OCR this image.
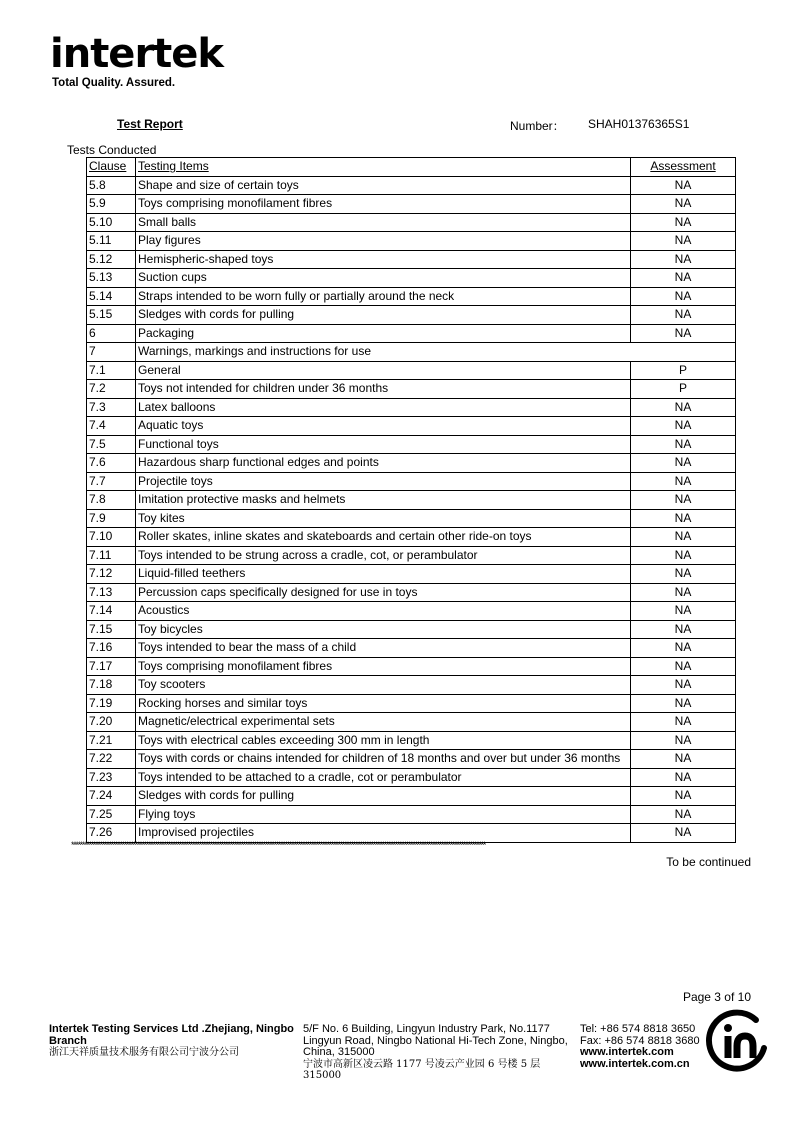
intertek
Total Quality. Assured.
Test Report	Number： SHAH01376365S1
Tests Conducted
Clause	Testing Items	Assessment
5.8	Shape and size of certain toys	NA
5.9	Toys comprising monofilament fibres	NA
5.10	Small balls	NA
5.11	Play figures	NA
5.12	Hemispheric-shaped toys	NA
5.13	Suction cups	NA
5.14	Straps intended to be worn fully or partially around the neck	NA
5.15	Sledges with cords for pulling	NA
6	Packaging	NA
7	Warnings, markings and instructions for use	
7.1	General	P
7.2	Toys not intended for children under 36 months	P
7.3	Latex balloons	NA
7.4	Aquatic toys	NA
7.5	Functional toys	NA
7.6	Hazardous sharp functional edges and points	NA
7.7	Projectile toys	NA
7.8	Imitation protective masks and helmets	NA
7.9	Toy kites	NA
7.10	Roller skates, inline skates and skateboards and certain other ride-on toys	NA
7.11	Toys intended to be strung across a cradle, cot, or perambulator	NA
7.12	Liquid-filled teethers	NA
7.13	Percussion caps specifically designed for use in toys	NA
7.14	Acoustics	NA
7.15	Toy bicycles	NA
7.16	Toys intended to bear the mass of a child	NA
7.17	Toys comprising monofilament fibres	NA
7.18	Toy scooters	NA
7.19	Rocking horses and similar toys	NA
7.20	Magnetic/electrical experimental sets	NA
7.21	Toys with electrical cables exceeding 300 mm in length	NA
7.22	Toys with cords or chains intended for children of 18 months and over but under 36 months	NA
7.23	Toys intended to be attached to a cradle, cot or perambulator	NA
7.24	Sledges with cords for pulling	NA
7.25	Flying toys	NA
7.26	Improvised projectiles	NA
********************************************************************************************************************************************************************************************
To be continued
Page 3 of 10
Intertek Testing Services Ltd .Zhejiang, Ningbo Branch
浙江天祥质量技术服务有限公司宁波分公司
5/F No. 6 Building, Lingyun Industry Park, No.1177 Lingyun Road, Ningbo National Hi-Tech Zone, Ningbo, China, 315000
宁波市高新区凌云路 1177 号凌云产业园 6 号楼 5 层 315000
Tel: +86 574 8818 3650
Fax: +86 574 8818 3680
www.intertek.com
www.intertek.com.cn
